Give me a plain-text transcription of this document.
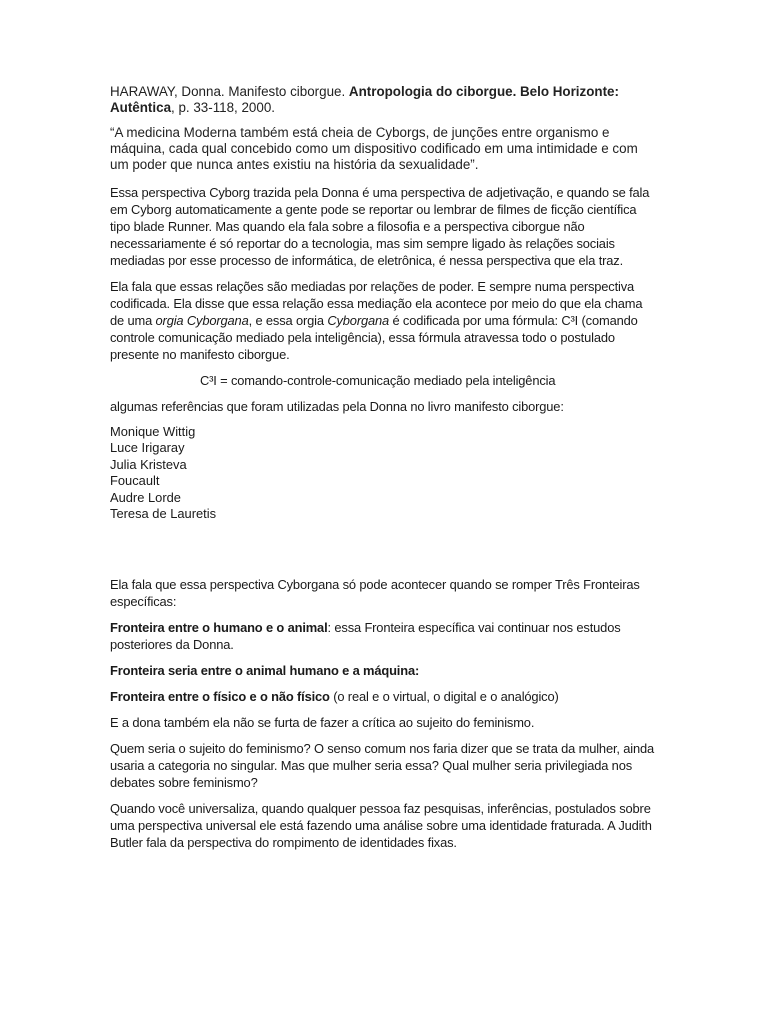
HARAWAY, Donna. Manifesto ciborgue. Antropologia do ciborgue. Belo Horizonte: Autêntica, p. 33-118, 2000.

“A medicina Moderna também está cheia de Cyborgs, de junções entre organismo e máquina, cada qual concebido como um dispositivo codificado em uma intimidade e com um poder que nunca antes existiu na história da sexualidade”.

Essa perspectiva Cyborg trazida pela Donna é uma perspectiva de adjetivação, e quando se fala em Cyborg automaticamente a gente pode se reportar ou lembrar de filmes de ficção científica tipo blade Runner. Mas quando ela fala sobre a filosofia e a perspectiva ciborgue não necessariamente é só reportar do a tecnologia, mas sim sempre ligado às relações sociais mediadas por esse processo de informática, de eletrônica, é nessa perspectiva que ela traz.

Ela fala que essas relações são mediadas por relações de poder. E sempre numa perspectiva codificada. Ela disse que essa relação essa mediação ela acontece por meio do que ela chama de uma orgia Cyborgana, e essa orgia Cyborgana é codificada por uma fórmula: C³I (comando controle comunicação mediado pela inteligência), essa fórmula atravessa todo o postulado presente no manifesto ciborgue.

C³I = comando-controle-comunicação mediado pela inteligência

algumas referências que foram utilizadas pela Donna no livro manifesto ciborgue:

Monique Wittig
Luce Irigaray
Julia Kristeva
Foucault
Audre Lorde
Teresa de Lauretis

Ela fala que essa perspectiva Cyborgana só pode acontecer quando se romper Três Fronteiras específicas:

Fronteira entre o humano e o animal: essa Fronteira específica vai continuar nos estudos posteriores da Donna.

Fronteira seria entre o animal humano e a máquina:

Fronteira entre o físico e o não físico (o real e o virtual, o digital e o analógico)

E a dona também ela não se furta de fazer a crítica ao sujeito do feminismo.

Quem seria o sujeito do feminismo? O senso comum nos faria dizer que se trata da mulher, ainda usaria a categoria no singular. Mas que mulher seria essa? Qual mulher seria privilegiada nos debates sobre feminismo?

Quando você universaliza, quando qualquer pessoa faz pesquisas, inferências, postulados sobre uma perspectiva universal ele está fazendo uma análise sobre uma identidade fraturada. A Judith Butler fala da perspectiva do rompimento de identidades fixas.
